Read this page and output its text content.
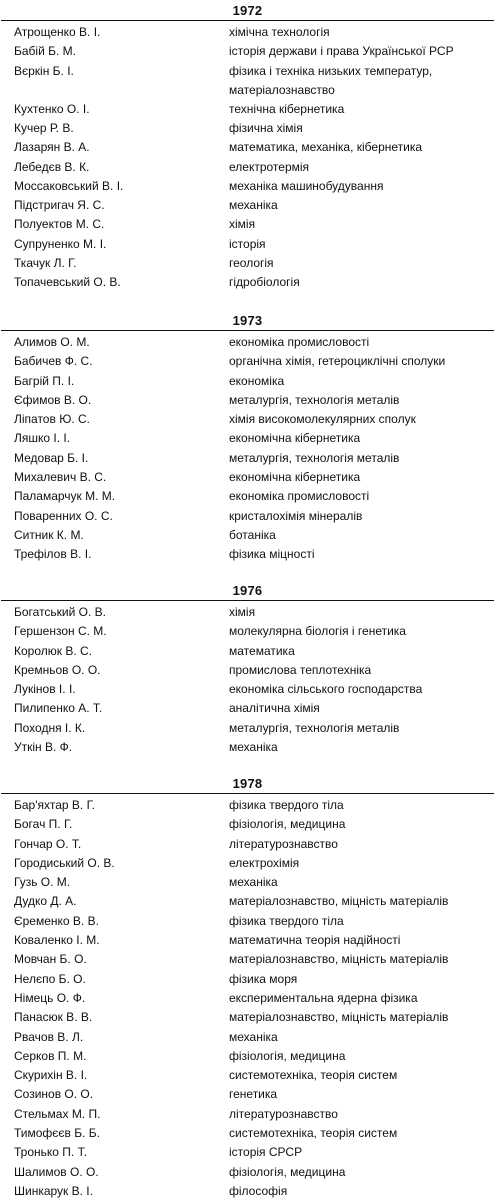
1972
Атрощенко В. І.	хімічна технологія
Бабій Б. М.	історія держави і права Української РСР
Вєркін Б. І.	фізика і техніка низьких температур, матеріалознавство
Кухтенко О. І.	технічна кібернетика
Кучер Р. В.	фізична хімія
Лазарян В. А.	математика, механіка, кібернетика
Лебедєв В. К.	електротермія
Моссаковський В. І.	механіка машинобудування
Підстригач Я. С.	механіка
Полуектов М. С.	хімія
Супруненко М. І.	історія
Ткачук Л. Г.	геологія
Топачевський О. В.	гідробіологія
1973
Алимов О. М.	економіка промисловості
Бабичев Ф. С.	органічна хімія, гетероциклічні сполуки
Багрій П. І.	економіка
Єфимов В. О.	металургія, технологія металів
Ліпатов Ю. С.	хімія високомолекулярних сполук
Ляшко І. І.	економічна кібернетика
Медовар Б. І.	металургія, технологія металів
Михалевич В. С.	економічна кібернетика
Паламарчук М. М.	економіка промисловості
Поваренних О. С.	кристалохімія мінералів
Ситник К. М.	ботаніка
Трефілов В. І.	фізика міцності
1976
Богатський О. В.	хімія
Гершензон С. М.	молекулярна біологія і генетика
Королюк В. С.	математика
Кремньов О. О.	промислова теплотехніка
Лукінов І. І.	економіка сільського господарства
Пилипенко А. Т.	аналітична хімія
Походня І. К.	металургія, технологія металів
Уткін В. Ф.	механіка
1978
Бар'яхтар В. Г.	фізика твердого тіла
Богач П. Г.	фізіологія, медицина
Гончар О. Т.	літературознавство
Городиський О. В.	електрохімія
Гузь О. М.	механіка
Дудко Д. А.	матеріалознавство, міцність матеріалів
Єременко В. В.	фізика твердого тіла
Коваленко І. М.	математична теорія надійності
Мовчан Б. О.	матеріалознавство, міцність матеріалів
Нелєпо Б. О.	фізика моря
Німець О. Ф.	експериментальна ядерна фізика
Панасюк В. В.	матеріалознавство, міцність матеріалів
Рвачов В. Л.	механіка
Серков П. М.	фізіологія, медицина
Скурихін В. І.	системотехніка, теорія систем
Созинов О. О.	генетика
Стельмах М. П.	літературознавство
Тимофєєв Б. Б.	системотехніка, теорія систем
Тронько П. Т.	історія СРСР
Шалимов О. О.	фізіологія, медицина
Шинкарук В. І.	філософія
